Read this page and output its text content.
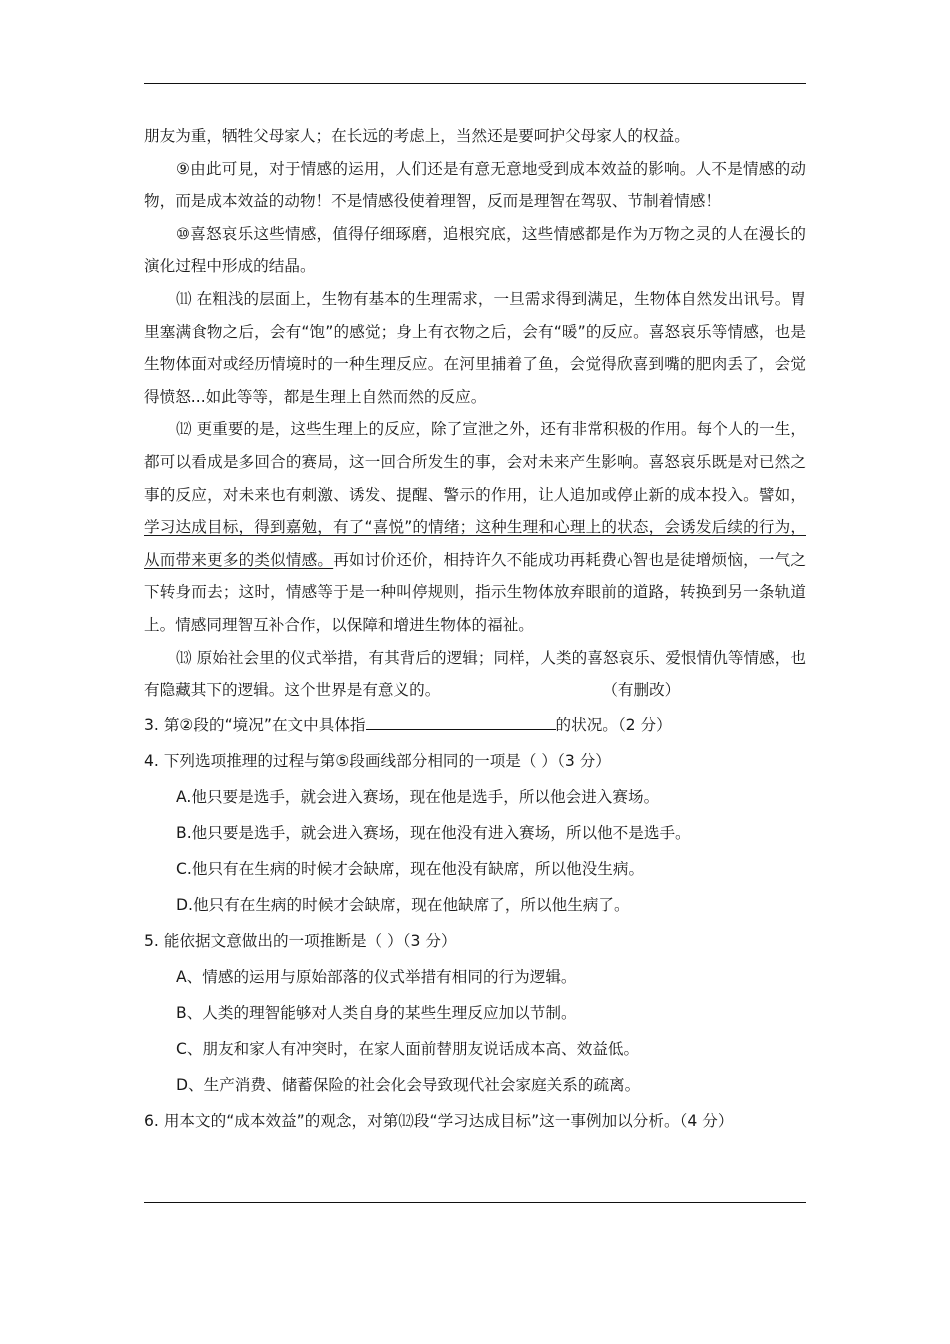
朋友为重，牺牲父母家人；在长远的考虑上，当然还是要呵护父母家人的权益。

⑨由此可見，对于情感的运用，人们还是有意无意地受到成本效益的影响。人不是情感的动物，而是成本效益的动物！不是情感役使着理智，反而是理智在驾驭、节制着情感！

⑩喜怒哀乐这些情感，值得仔细琢磨，追根究底，这些情感都是作为万物之灵的人在漫长的演化过程中形成的结晶。

⑾ 在粗浅的层面上，生物有基本的生理需求，一旦需求得到满足，生物体自然发出讯号。胃里塞满食物之后，会有“饱”的感觉；身上有衣物之后，会有“暖”的反应。喜怒哀乐等情感，也是生物体面对或经历情境时的一种生理反应。在河里捕着了鱼，会觉得欣喜到嘴的肥肉丢了，会觉得愤怒...如此等等，都是生理上自然而然的反应。

⑿ 更重要的是，这些生理上的反应，除了宣泄之外，还有非常积极的作用。每个人的一生，都可以看成是多回合的赛局，这一回合所发生的事，会对未来产生影响。喜怒哀乐既是对已然之事的反应，对未来也有刺激、诱发、提醒、警示的作用，让人追加或停止新的成本投入。譬如，学习达成目标，得到嘉勉，有了“喜悦”的情绪；这种生理和心理上的状态，会诱发后续的行为，从而带来更多的类似情感。再如讨价还价，相持许久不能成功再耗费心智也是徒增烦恼，一气之下转身而去；这时，情感等于是一种叫停规则，指示生物体放弃眼前的道路，转换到另一条轨道上。情感同理智互补合作，以保障和增进生物体的福祉。

⒀ 原始社会里的仪式举措，有其背后的逻辑；同样，人类的喜怒哀乐、爱恨情仇等情感，也有隐藏其下的逻辑。这个世界是有意义的。	（有删改）

3. 第②段的“境况”在文中具体指	的状况。（2 分）

4. 下列选项推理的过程与第⑤段画线部分相同的一项是（ ）（3 分）

A.他只要是选手，就会进入赛场，现在他是选手，所以他会进入赛场。

B.他只要是选手，就会进入赛场，现在他没有进入赛场，所以他不是选手。

C.他只有在生病的时候才会缺席，现在他没有缺席，所以他没生病。

D.他只有在生病的时候才会缺席，现在他缺席了，所以他生病了。

5. 能依据文意做出的一项推断是（ ）（3 分）

A、情感的运用与原始部落的仪式举措有相同的行为逻辑。

B、人类的理智能够对人类自身的某些生理反应加以节制。

C、朋友和家人有冲突时，在家人面前替朋友说话成本高、效益低。

D、生产消费、储蓄保险的社会化会导致现代社会家庭关系的疏离。

6. 用本文的“成本效益”的观念，对第⑿段“学习达成目标”这一事例加以分析。（4 分）
